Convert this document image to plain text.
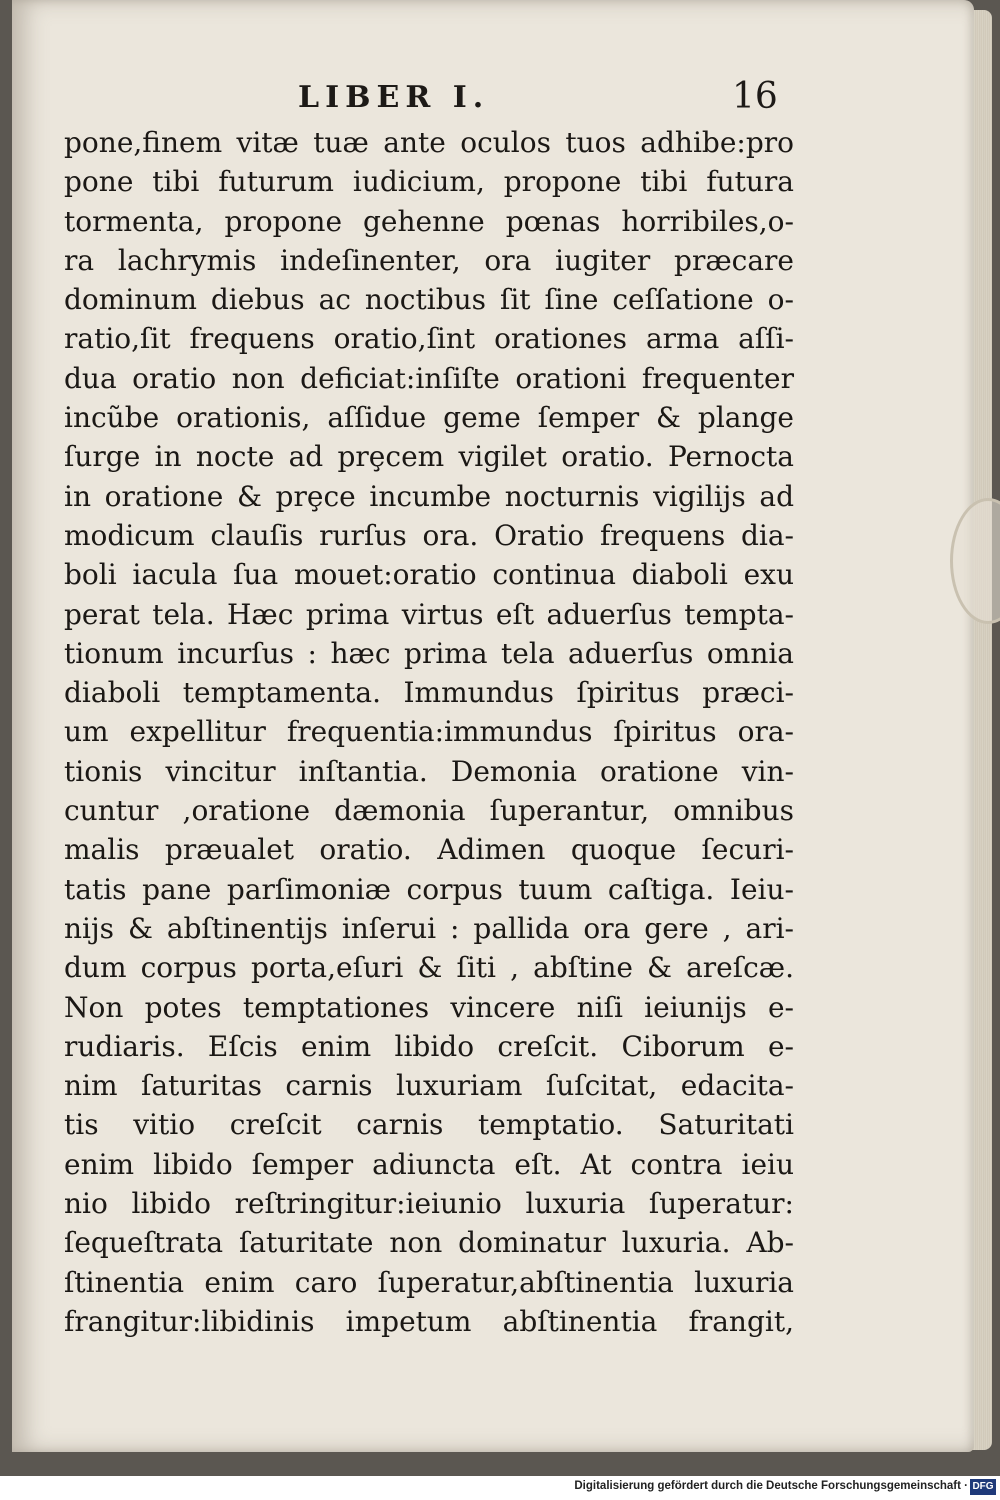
LIBER I.	16
pone,finem vitæ tuæ ante oculos tuos adhibe:pro
pone tibi futurum iudicium, propone tibi futura
tormenta, propone gehenne pœnas horribiles,o-
ra lachrymis indeſinenter, ora iugiter præcare
dominum diebus ac noctibus ſit ſine ceſſatione o-
ratio,ſit frequens oratio,ſint orationes arma aſſi-
dua oratio non deficiat:inſiſte orationi frequenter
incũbe orationis, aſſidue geme ſemper & plange
ſurge in nocte ad prȩcem vigilet oratio. Pernocta
in oratione & prȩce incumbe nocturnis vigilijs ad
modicum clauſis rurſus ora. Oratio frequens dia-
boli iacula ſua mouet:oratio continua diaboli exu
perat tela. Hæc prima virtus eſt aduerſus tempta-
tionum incurſus : hæc prima tela aduerſus omnia
diaboli temptamenta. Immundus ſpiritus præci-
um expellitur frequentia:immundus ſpiritus ora-
tionis vincitur inſtantia. Demonia oratione vin-
cuntur ,oratione dæmonia ſuperantur, omnibus
malis præualet oratio. Adimen quoque ſecuri-
tatis pane parſimoniæ corpus tuum caſtiga. Ieiu-
nijs & abſtinentijs inſerui : pallida ora gere , ari-
dum corpus porta,eſuri & ſiti , abſtine & areſcæ.
Non potes temptationes vincere niſi ieiunijs e-
rudiaris. Eſcis enim libido creſcit. Ciborum e-
nim ſaturitas carnis luxuriam ſuſcitat, edacita-
tis vitio creſcit carnis temptatio. Saturitati
enim libido ſemper adiuncta eſt. At contra ieiu
nio libido reſtringitur:ieiunio luxuria ſuperatur:
ſequeſtrata ſaturitate non dominatur luxuria. Ab-
ſtinentia enim caro ſuperatur,abſtinentia luxuria
frangitur:libidinis impetum abſtinentia frangit,
Digitalisierung gefördert durch die Deutsche Forschungsgemeinschaft · DFG
